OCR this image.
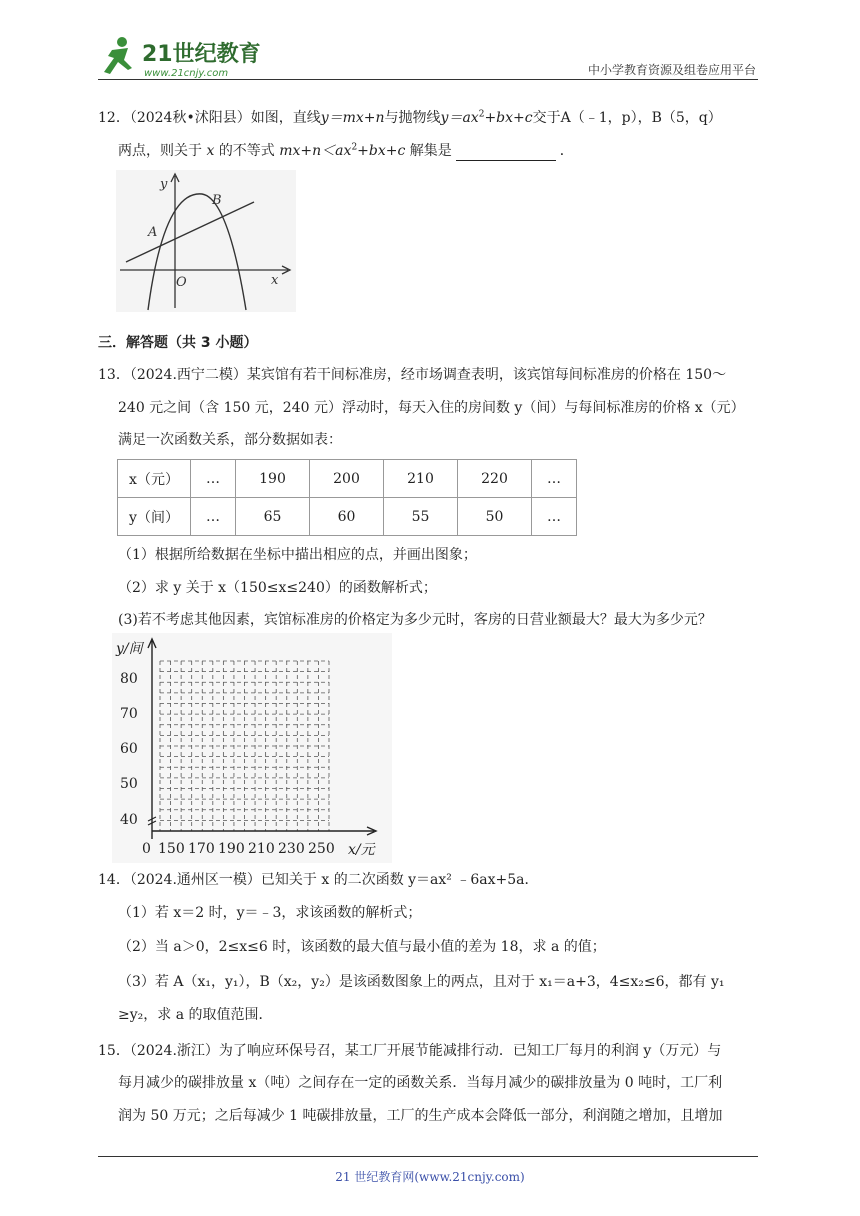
21世纪教育
www.21cnjy.com	中小学教育资源及组卷应用平台
12．（2024秋•沭阳县）如图，直线y＝mx+n与抛物线$y=ax^2+bx+c$交于A（﹣1，p），B（5，q）
两点，则关于 x 的不等式 $mx+n<ax^2+bx+c$ 解集是	．
y
x
O
A
B
三．解答题（共 3 小题）
13．（2024.西宁二模）某宾馆有若干间标准房，经市场调查表明，该宾馆每间标准房的价格在 150～
240 元之间（含 150 元，240 元）浮动时，每天入住的房间数 y（间）与每间标准房的价格 x（元）
满足一次函数关系，部分数据如表：
x（元）	…	190	200	210	220	…
y（间）	…	65	60	55	50	…
（1）根据所给数据在坐标中描出相应的点，并画出图象；
（2）求 y 关于 x（150≤x≤240）的函数解析式；
(3)若不考虑其他因素，宾馆标准房的价格定为多少元时，客房的日营业额最大？最大为多少元？
y/间
x/元
0
80
70
60
50
40
150 170 190 210 230 250
14．（2024.通州区一模）已知关于 x 的二次函数 y＝ax² ﹣6ax+5a．
（1）若 x＝2 时，y＝﹣3，求该函数的解析式；
（2）当 a＞0，2≤x≤6 时，该函数的最大值与最小值的差为 18，求 a 的值；
（3）若 A（x₁，y₁），B（x₂，y₂）是该函数图象上的两点，且对于 x₁＝a+3，4≤x₂≤6，都有 y₁
≥y₂，求 a 的取值范围．
15．（2024.浙江）为了响应环保号召，某工厂开展节能减排行动．已知工厂每月的利润 y（万元）与
每月减少的碳排放量 x（吨）之间存在一定的函数关系．当每月减少的碳排放量为 0 吨时，工厂利
润为 50 万元；之后每减少 1 吨碳排放量，工厂的生产成本会降低一部分，利润随之增加，且增加
21 世纪教育网(www.21cnjy.com)
